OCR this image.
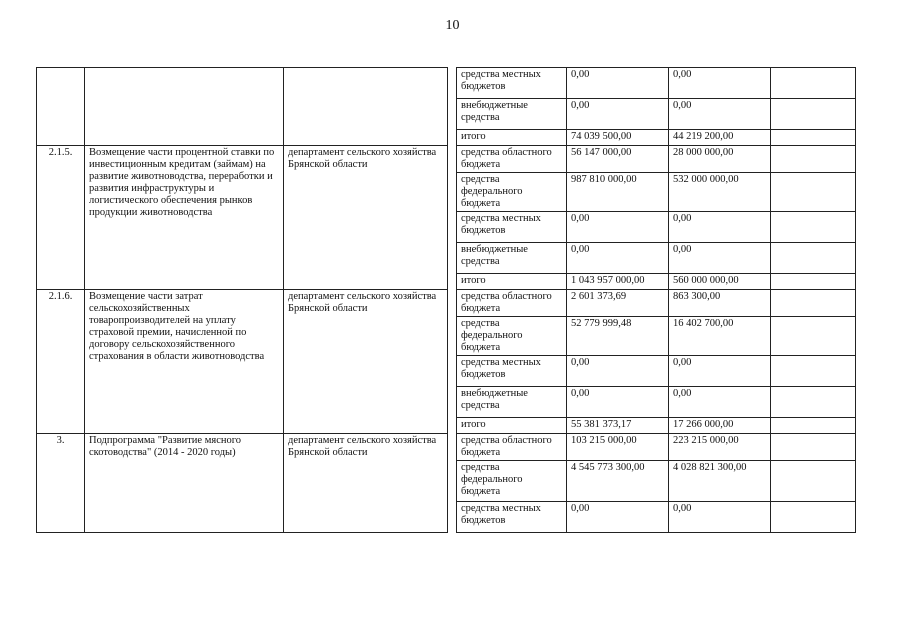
10
				средства местных бюджетов	0,00	0,00	
				внебюджетные средства	0,00	0,00	
				итого	74 039 500,00	44 219 200,00	
2.1.5.	Возмещение части процентной ставки по инвестиционным кредитам (займам) на развитие животноводства, переработки и развития инфраструктуры и логистического обеспечения рынков продукции животноводства	департамент сельского хозяйства Брянской области		средства областного бюджета	56 147 000,00	28 000 000,00	
				средства федерального бюджета	987 810 000,00	532 000 000,00	
				средства местных бюджетов	0,00	0,00	
				внебюджетные средства	0,00	0,00	
				итого	1 043 957 000,00	560 000 000,00	
2.1.6.	Возмещение части затрат сельскохозяйственных товаропроизводителей на уплату страховой премии, начисленной по договору сельскохозяйственного страхования в области животноводства	департамент сельского хозяйства Брянской области		средства областного бюджета	2 601 373,69	863 300,00	
				средства федерального бюджета	52 779 999,48	16 402 700,00	
				средства местных бюджетов	0,00	0,00	
				внебюджетные средства	0,00	0,00	
				итого	55 381 373,17	17 266 000,00	
3.	Подпрограмма "Развитие мясного скотоводства" (2014 - 2020 годы)	департамент сельского хозяйства Брянской области		средства областного бюджета	103 215 000,00	223 215 000,00	
				средства федерального бюджета	4 545 773 300,00	4 028 821 300,00	
				средства местных бюджетов	0,00	0,00	
